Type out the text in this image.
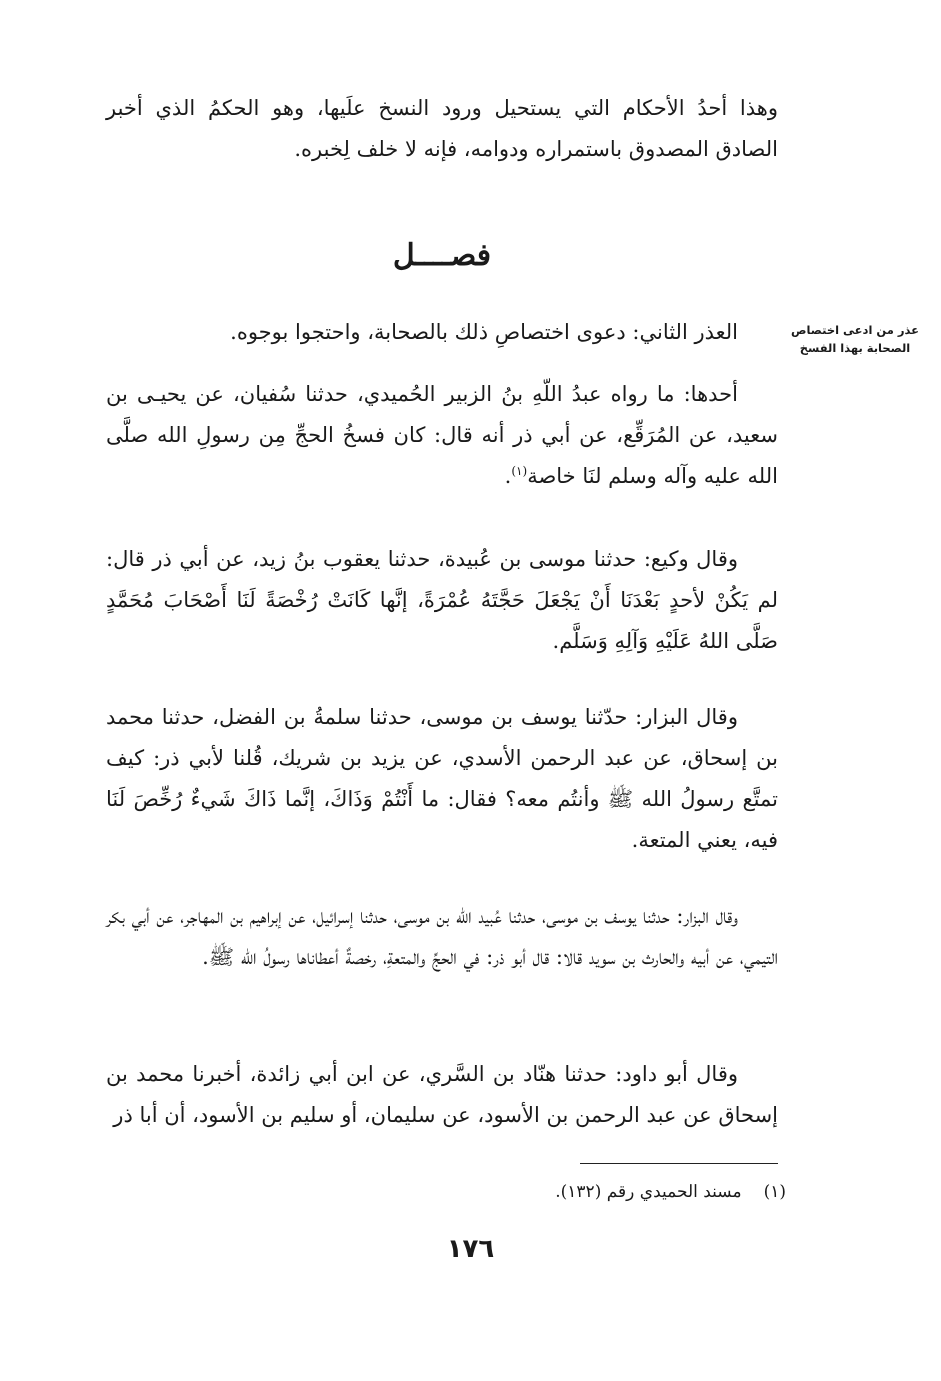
وهذا أحدُ الأحكام التي يستحيل ورود النسخ علَيها، وهو الحكمُ الذي أخبر الصادق المصدوق باستمراره ودوامه، فإنه لا خلف لِخبره.

فصــــل
عذر من ادعى اختصاص الصحابة بهذا الفسخ

العذر الثاني: دعوى اختصاصِ ذلك بالصحابة، واحتجوا بوجوه.

أحدها: ما رواه عبدُ اللّهِ بنُ الزبير الحُميدي، حدثنا سُفيان، عن يحيـى بن سعيد، عن المُرَقِّع، عن أبي ذر أنه قال: كان فسخُ الحجِّ مِن رسولِ الله صلَّى الله عليه وآله وسلم لنَا خاصة$^{(١)}$.

وقال وكيع: حدثنا موسى بن عُبيدة، حدثنا يعقوب بنُ زيد، عن أبي ذر قال: لم يَكُنْ لأحدٍ بَعْدَنَا أَنْ يَجْعَلَ حَجَّتَهُ عُمْرَةً، إنَّها كَانَتْ رُخْصَةً لَنَا أَصْحَابَ مُحَمَّدٍ صَلَّى اللهُ عَلَيْهِ وَآلِهِ وَسَلَّم.

وقال البزار: حدّثنا يوسف بن موسى، حدثنا سلمةُ بن الفضل، حدثنا محمد بن إسحاق، عن عبد الرحمن الأسدي، عن يزيد بن شريك، قُلنا لأبي ذر: كيف تمتَّع رسولُ الله ﷺ وأنتُم معه؟ فقال: ما أَنْتُمْ وَذَاكَ، إنَّما ذَاكَ شَيءٌ رُخِّصَ لَنَا فيه، يعني المتعة.

وقال البزار: حدثنا يوسف بن موسى، حدثنا عُبيد الله بن موسى، حدثنا إسرائيل، عن إبراهيم بن المهاجر، عن أبي بكر التيمي، عن أبيه والحارث بن سويد قالا: قال أبو ذر: في الحجِّ والمتعةِ، رخصةٌ أعطاناها رسولُ الله ﷺ.

وقال أبو داود: حدثنا هنّاد بن السَّري، عن ابن أبي زائدة، أخبرنا محمد بن إسحاق عن عبد الرحمن بن الأسود، عن سليمان، أو سليم بن الأسود، أن أبا ذر

(١)مسند الحميدي رقم (١٣٢).
١٧٦
